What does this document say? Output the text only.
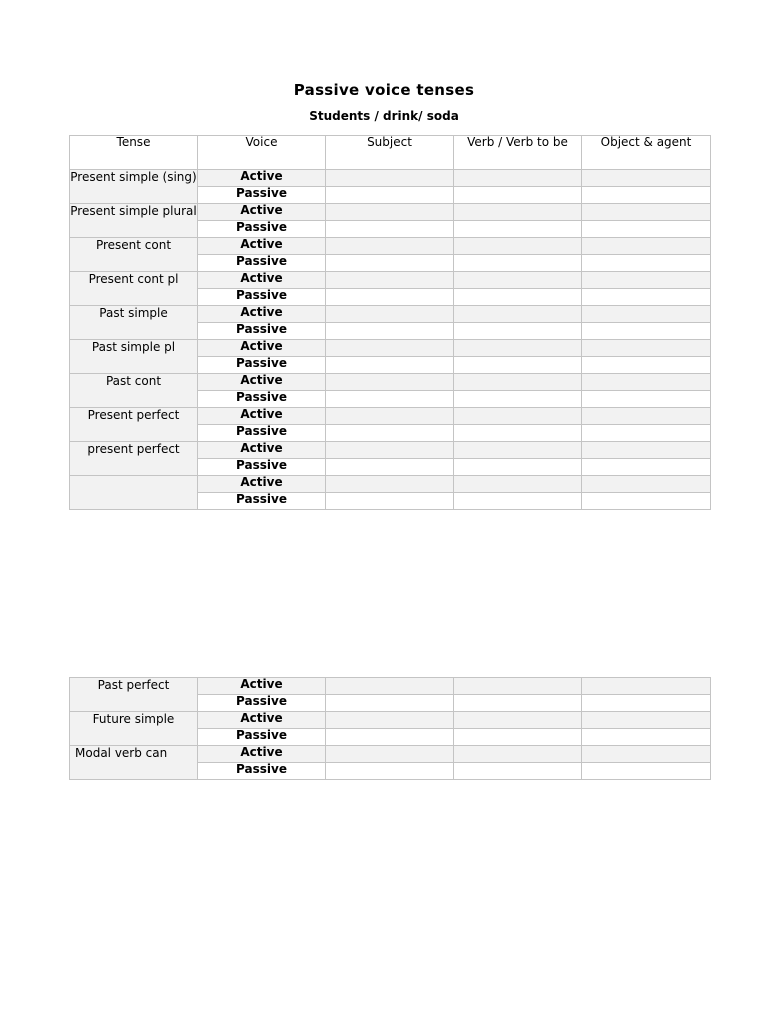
Passive voice tenses
Students / drink/ soda
Tense	Voice	Subject	Verb / Verb to be	Object & agent
Present simple (sing)	Active			
	Passive			
Present simple plural	Active			
	Passive			
Present cont	Active			
	Passive			
Present cont pl	Active			
	Passive			
Past simple	Active			
	Passive			
Past simple pl	Active			
	Passive			
Past cont	Active			
	Passive			
Present perfect	Active			
	Passive			
present perfect	Active			
	Passive			
	Active			
	Passive			
Past perfect	Active			
	Passive			
Future simple	Active			
	Passive			
Modal verb can	Active			
	Passive			
